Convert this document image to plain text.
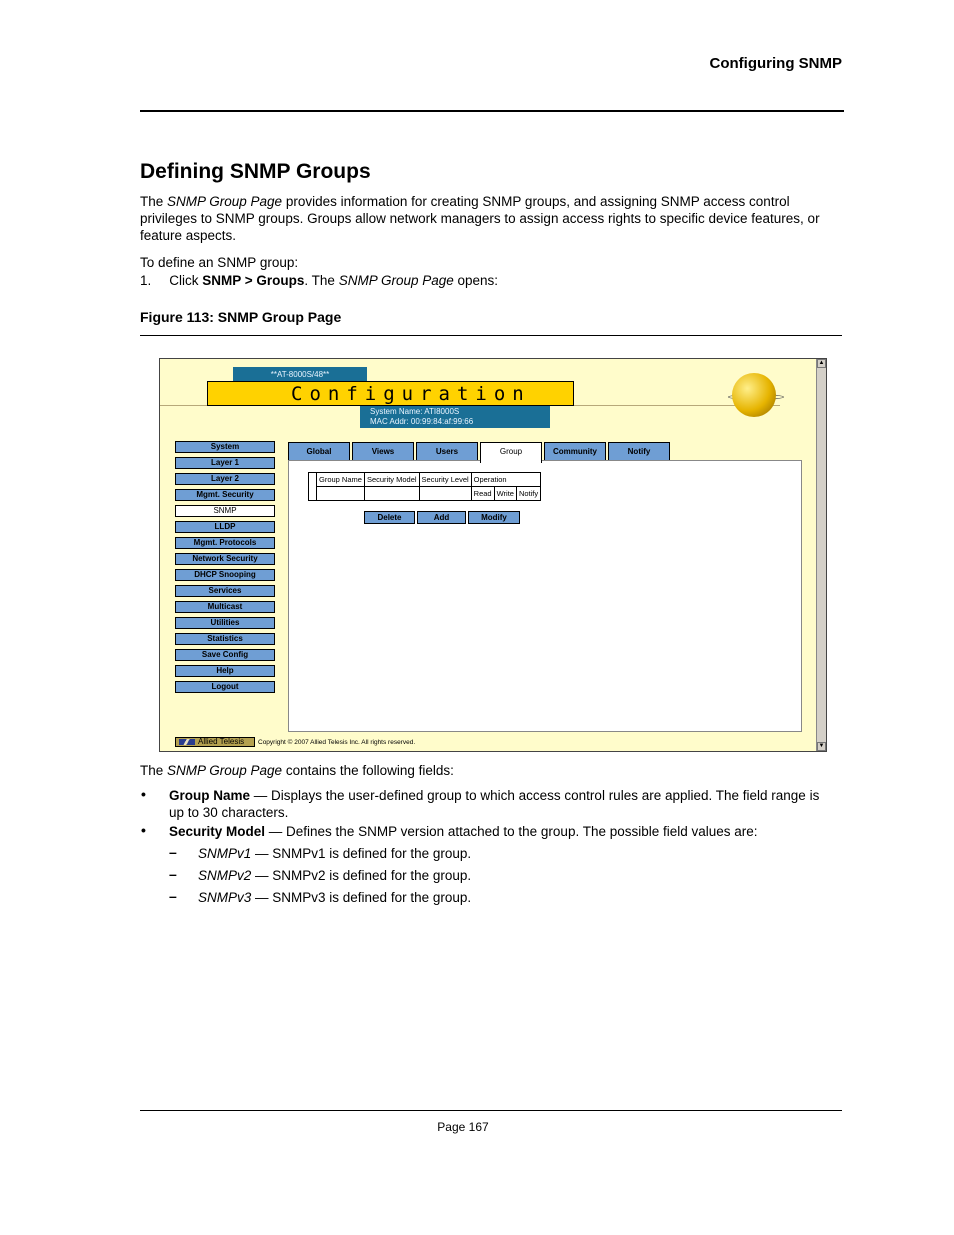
Configuring SNMP
Defining SNMP Groups
The SNMP Group Page provides information for creating SNMP groups, and assigning SNMP access control
privileges to SNMP groups. Groups allow network managers to assign access rights to specific device features, or
feature aspects.
To define an SNMP group:
1. Click SNMP > Groups. The SNMP Group Page opens:
Figure 113: SNMP Group Page
**AT-8000S/48**
Configuration
System Name: ATI8000S
MAC Addr: 00:99:84:af:99:66
System
Layer 1
Layer 2
Mgmt. Security
SNMP
LLDP
Mgmt. Protocols
Network Security
DHCP Snooping
Services
Multicast
Utilities
Statistics
Save Config
Help
Logout
Global	Views	Users	Group	Community	Notify
	Group Name	Security Model	Security Level	Operation		
				Read	Write	Notify
Delete	Add	Modify
Allied Telesis	Copyright © 2007 Allied Telesis Inc. All rights reserved.
▲
▼
The SNMP Group Page contains the following fields:
• Group Name — Displays the user-defined group to which access control rules are applied. The field range is
up to 30 characters.
• Security Model — Defines the SNMP version attached to the group. The possible field values are:
– SNMPv1 — SNMPv1 is defined for the group.
– SNMPv2 — SNMPv2 is defined for the group.
– SNMPv3 — SNMPv3 is defined for the group.
Page 167
